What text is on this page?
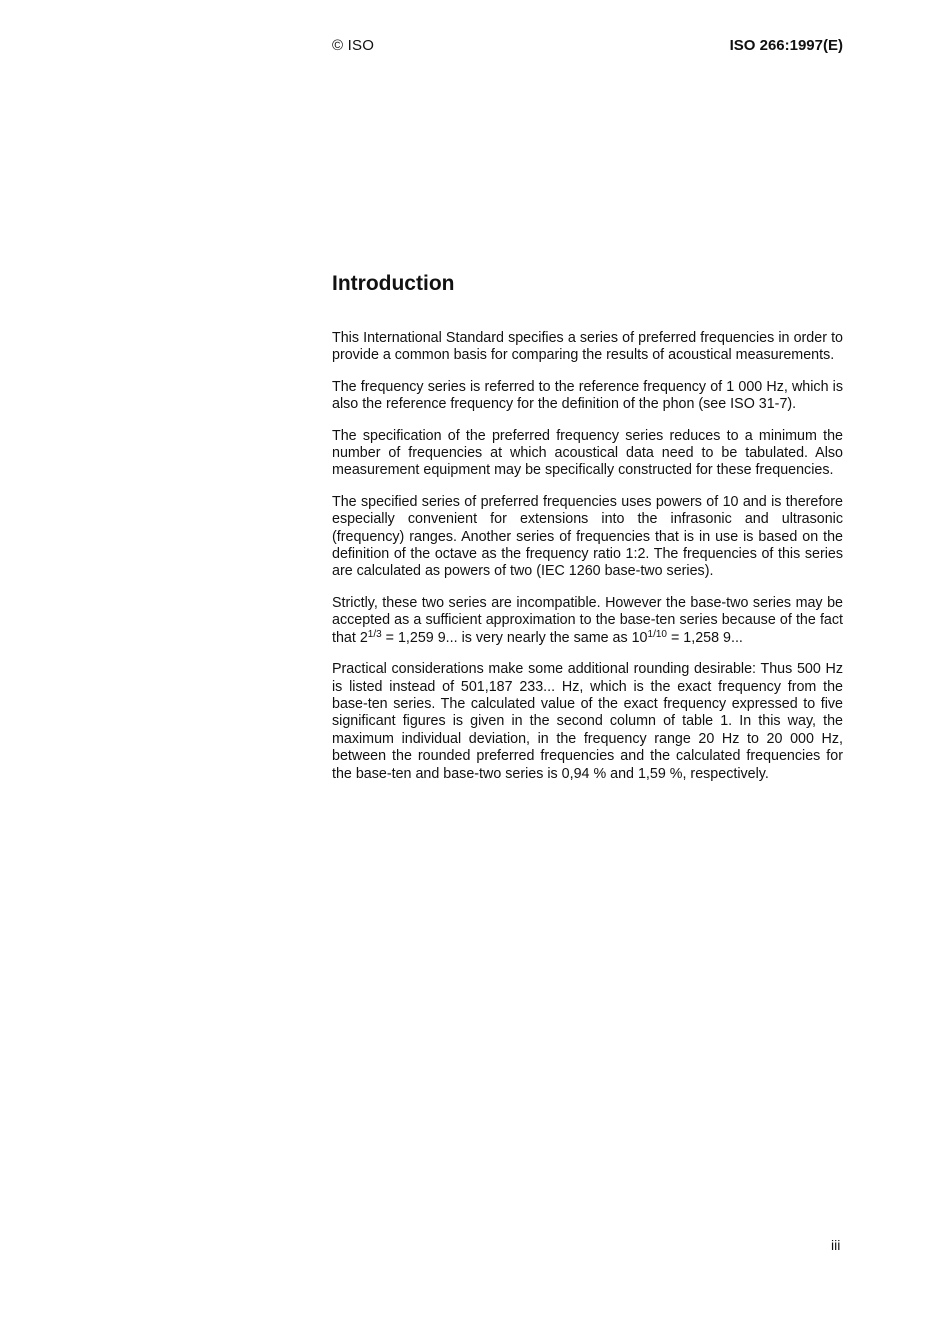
© ISO	ISO 266:1997(E)
Introduction

This International Standard specifies a series of preferred frequencies in order to provide a common basis for comparing the results of acoustical measurements.

The frequency series is referred to the reference frequency of 1 000 Hz, which is also the reference frequency for the definition of the phon (see ISO 31-7).

The specification of the preferred frequency series reduces to a minimum the number of frequencies at which acoustical data need to be tabulated. Also measurement equipment may be specifically constructed for these frequencies.

The specified series of preferred frequencies uses powers of 10 and is therefore especially convenient for extensions into the infrasonic and ultrasonic (frequency) ranges. Another series of frequencies that is in use is based on the definition of the octave as the frequency ratio 1:2. The frequencies of this series are calculated as powers of two (IEC 1260 base-two series).

Strictly, these two series are incompatible. However the base-two series may be accepted as a sufficient approximation to the base-ten series because of the fact that $2^{1/3} = 1,259$ 9... is very nearly the same as $10^{1/10} = 1,258$ 9...

Practical considerations make some additional rounding desirable: Thus 500 Hz is listed instead of 501,187 233... Hz, which is the exact frequency from the base-ten series. The calculated value of the exact frequency expressed to five significant figures is given in the second column of table 1. In this way, the maximum individual deviation, in the frequency range 20 Hz to 20 000 Hz, between the rounded preferred frequencies and the calculated frequencies for the base-ten and base-two series is 0,94 % and 1,59 %, respectively.

iii
